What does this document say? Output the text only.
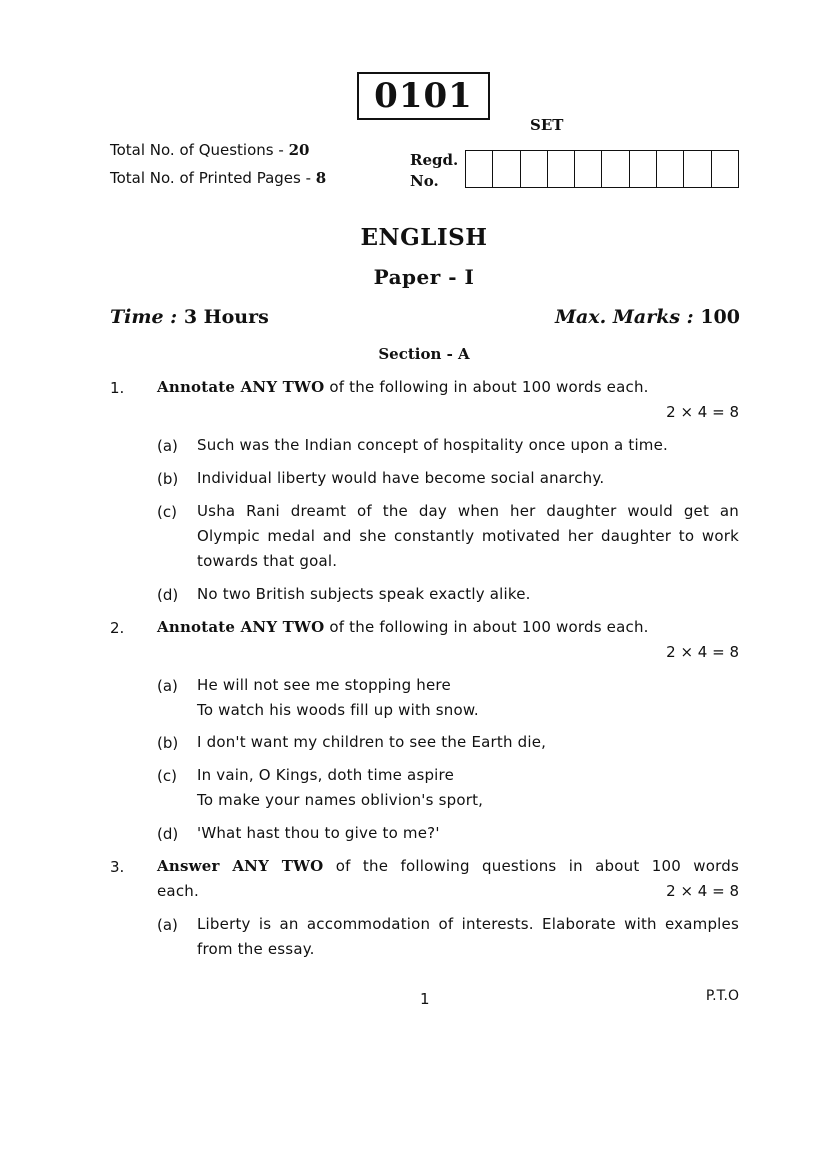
0101
SET
Total No. of Questions - 20
Total No. of Printed Pages - 8
Regd.
No.
ENGLISH
Paper - I
Time : 3 Hours	Max. Marks : 100
Section - A
1. Annotate ANY TWO of the following in about 100 words each.
2 × 4 = 8
(a) Such was the Indian concept of hospitality once upon a time.
(b) Individual liberty would have become social anarchy.
(c) Usha Rani dreamt of the day when her daughter would get an Olympic medal and she constantly motivated her daughter to work towards that goal.
(d) No two British subjects speak exactly alike.
2. Annotate ANY TWO of the following in about 100 words each.
2 × 4 = 8
(a) He will not see me stopping here
To watch his woods fill up with snow.
(b) I don't want my children to see the Earth die,
(c) In vain, O Kings, doth time aspire
To make your names oblivion's sport,
(d) 'What hast thou to give to me?'
3. Answer ANY TWO of the following questions in about 100 words
each.	2 × 4 = 8
(a) Liberty is an accommodation of interests. Elaborate with examples from the essay.
1	P.T.O
